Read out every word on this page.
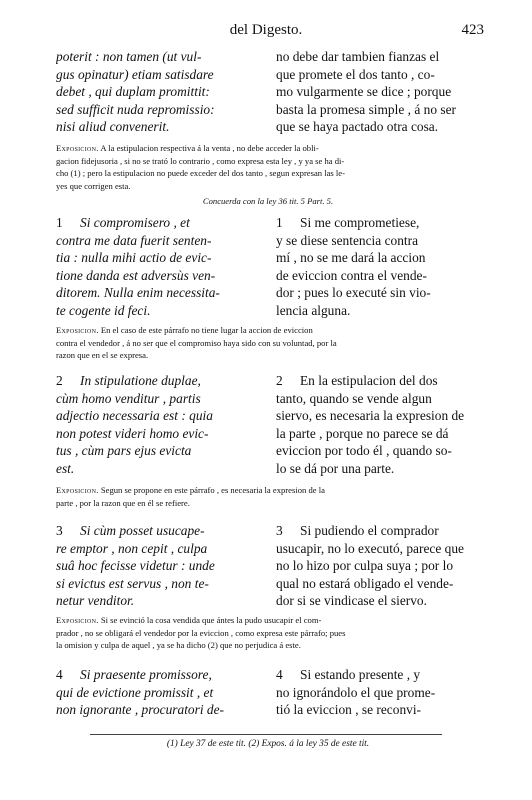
del Digesto.	423
poterit : non tamen (ut vul-
gus opinatur) etiam satisdare
debet , qui duplam promittit:
sed sufficit nuda repromissio:
nisi aliud convenerit.
no debe dar tambien fianzas el
que promete el dos tanto , co-
mo vulgarmente se dice ; porque
basta la promesa simple , á no ser
que se haya pactado otra cosa.
Exposicion. A la estipulacion respectiva á la venta , no debe acceder la obli-
gacion fidejusoria , si no se trató lo contrario , como expresa esta ley , y ya se ha di-
cho (1) ; pero la estipulacion no puede exceder del dos tanto , segun expresan las le-
yes que corrigen esta.
Concuerda con la ley 36 tit. 5 Part. 5.
1 Si compromisero , et
contra me data fuerit senten-
tia : nulla mihi actio de evic-
tione danda est adversùs ven-
ditorem. Nulla enim necessita-
te cogente id feci.
1 Si me comprometiese,
y se diese sentencia contra
mí , no se me dará la accion
de eviccion contra el vende-
dor ; pues lo executé sin vio-
lencia alguna.
Exposicion. En el caso de este párrafo no tiene lugar la accion de eviccion
contra el vendedor , á no ser que el compromiso haya sido con su voluntad, por la
razon que en el se expresa.
2 In stipulatione duplae,
cùm homo venditur , partis
adjectio necessaria est : quia
non potest videri homo evic-
tus , cùm pars ejus evicta
est.
2 En la estipulacion del dos
tanto, quando se vende algun
siervo, es necesaria la expresion de
la parte , porque no parece se dá
eviccion por todo él , quando so-
lo se dá por una parte.
Exposicion. Segun se propone en este párrafo , es necesaria la expresion de la
parte , por la razon que en él se refiere.
3 Si cùm posset usucape-
re emptor , non cepit , culpa
suâ hoc fecisse videtur : unde
si evictus est servus , non te-
netur venditor.
3 Si pudiendo el comprador
usucapir, no lo executó, parece que
no lo hizo por culpa suya ; por lo
qual no estará obligado el vende-
dor si se vindicase el siervo.
Exposicion. Si se evinció la cosa vendida que ántes la pudo usucapir el com-
prador , no se obligará el vendedor por la eviccion , como expresa este párrafo; pues
la omision y culpa de aquel , ya se ha dicho (2) que no perjudica á este.
4 Si praesente promissore,
qui de evictione promissit , et
non ignorante , procuratori de-
4 Si estando presente , y
no ignorándolo el que prome-
tió la eviccion , se reconvi-
(1) Ley 37 de este tit. (2) Expos. á la ley 35 de este tit.
